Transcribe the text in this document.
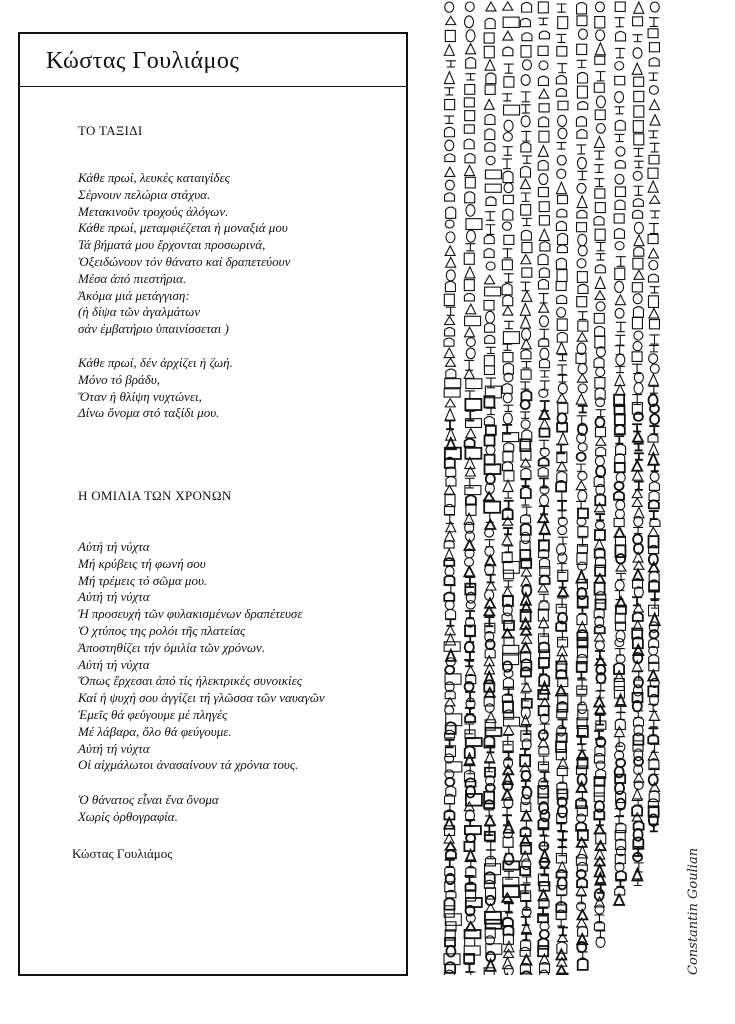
Κώστας Γουλιάμος
ΤΟ ΤΑΞΙΔΙ
Κάθε πρωί, λευκές καταιγίδες
Σέρνουν πελώρια στάχυα.
Μετακινοῦν τροχούς ἀλόγων.
Κάθε πρωί, μεταμφιέζεται ἡ μοναξιά μου
Τά βήματά μου ἔρχονται προσωρινά,
Ὀξειδώνουν τόν θάνατο καί δραπετεύουν
Μέσα ἀπό πιεστήρια.
Ἀκόμα μιά μετάγγιση:
(ἡ δίψα τῶν ἀγαλμάτων
σάν ἐμβατήριο ὑπαινίσσεται )
Κάθε πρωί, δέν ἀρχίζει ἡ ζωή.
Μόνο τό βράδυ,
Ὅταν ἡ θλίψη νυχτώνει,
Δίνω ὄνομα στό ταξίδι μου.
Η ΟΜΙΛΙΑ ΤΩΝ ΧΡΟΝΩΝ
Αὐτή τή νύχτα
Μή κρύβεις τή φωνή σου
Μή τρέμεις τό σῶμα μου.
Αὐτή τή νύχτα
Ἡ προσευχή τῶν φυλακισμένων δραπέτευσε
Ὁ χτύπος της ρολόι τῆς πλατείας
Ἀποστηθίζει τήν ὁμιλία τῶν χρόνων.
Αὐτή τή νύχτα
Ὅπως ἔρχεσαι ἀπό τίς ἠλεκτρικές συνοικίες
Καί ἡ ψυχή σου ἀγγίζει τή γλῶσσα τῶν ναυαγῶν
Ἐμεῖς θά φεύγουμε μέ πληγές
Μέ λάβαρα, ὅλο θά φεύγουμε.
Αὐτή τή νύχτα
Οἱ αἰχμάλωτοι ἀνασαίνουν τά χρόνια τους.
Ὁ θάνατος εἶναι ἕνα ὄνομα
Χωρίς ὀρθογραφία.
Κώστας Γουλιάμος	Constantin Goulian
